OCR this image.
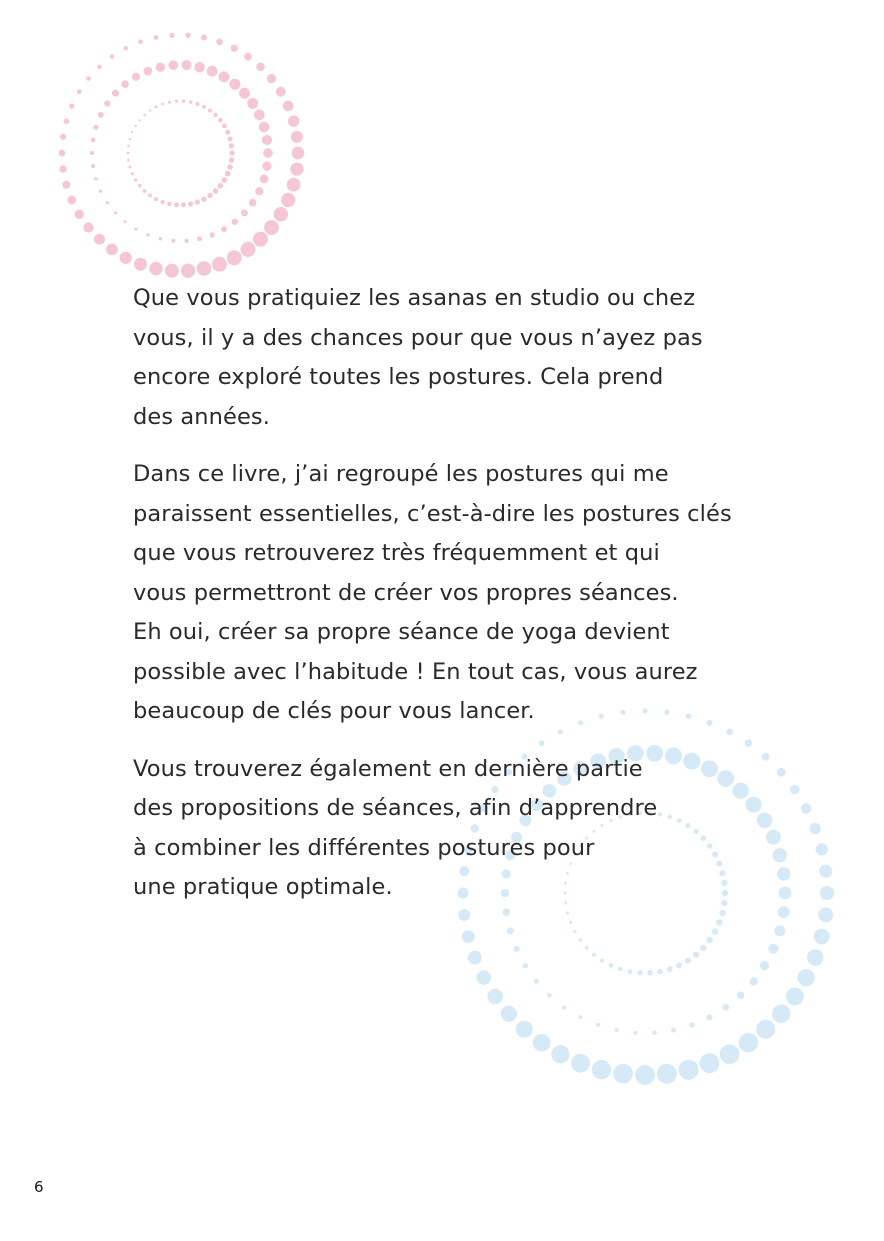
Que vous pratiquiez les asanas en studio ou chez
vous, il y a des chances pour que vous n’ayez pas
encore exploré toutes les postures. Cela prend
des années.

Dans ce livre, j’ai regroupé les postures qui me
paraissent essentielles, c’est-à-dire les postures clés
que vous retrouverez très fréquemment et qui
vous permettront de créer vos propres séances.
Eh oui, créer sa propre séance de yoga devient
possible avec l’habitude ! En tout cas, vous aurez
beaucoup de clés pour vous lancer.

Vous trouverez également en dernière partie
des propositions de séances, afin d’apprendre
à combiner les différentes postures pour
une pratique optimale.

6
